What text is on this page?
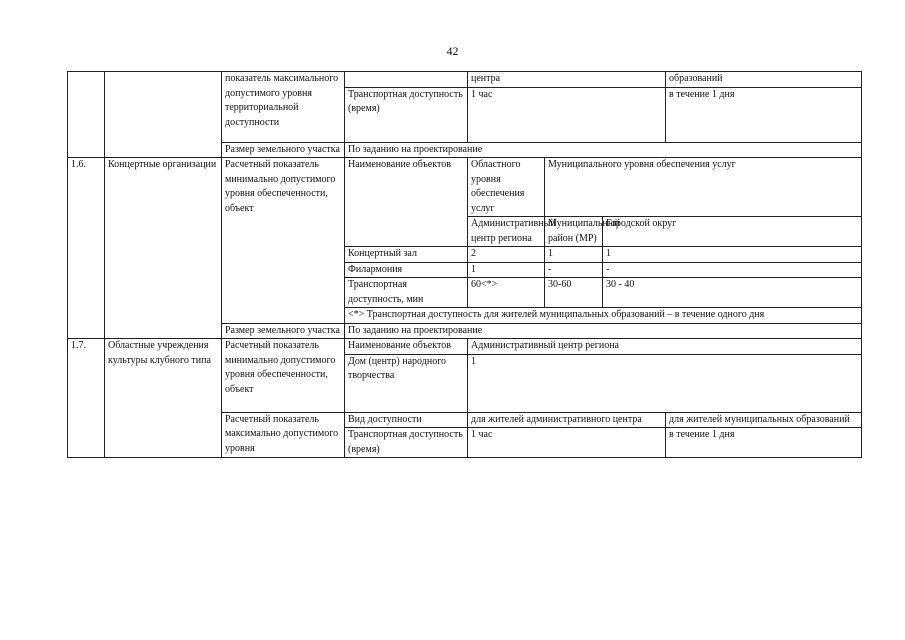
42
		показатель максимального допустимого уровня территориальной доступности		центра			образований
			Транспортная доступность (время)	1 час			в течение 1 дня
		Размер земельного участка	По заданию на проектирование				
1.6.	Концертные организации	Расчетный показатель минимально допустимого уровня обеспеченности, объект	Наименование объектов	Областного уровня обеспечения услуг	Муниципального уровня обеспечения услуг		
				Административный центр региона	Муниципальный район (МР)	Городской округ	
			Концертный зал	2	1	1	
			Филармония	1	-	-	
			Транспортная доступность, мин	60<*>	30-60	30 - 40	
			<*> Транспортная доступность для жителей муниципальных образований – в течение одного дня				
		Размер земельного участка	По заданию на проектирование				
1.7.	Областные учреждения культуры клубного типа	Расчетный показатель минимально допустимого уровня обеспеченности, объект	Наименование объектов	Административный центр региона			
			Дом (центр) народного творчества	1			
		Расчетный показатель максимально допустимого уровня	Вид доступности	для жителей административного центра			для жителей муниципальных образований
			Транспортная доступность (время)	1 час			в течение 1 дня
